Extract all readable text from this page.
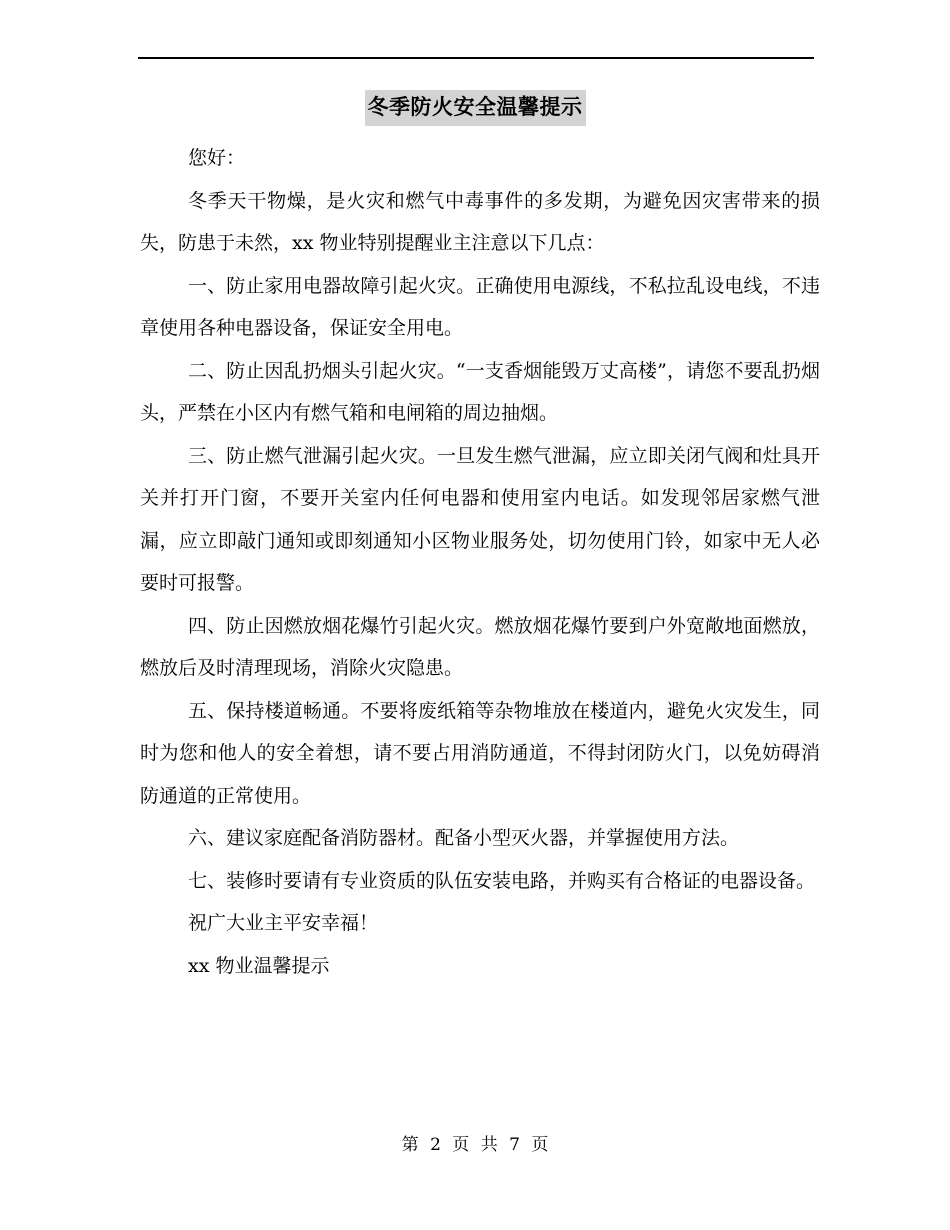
冬季防火安全温馨提示

您好：

冬季天干物燥，是火灾和燃气中毒事件的多发期，为避免因灾害带来的损失，防患于未然，xx 物业特别提醒业主注意以下几点：

一、防止家用电器故障引起火灾。正确使用电源线，不私拉乱设电线，不违章使用各种电器设备，保证安全用电。

二、防止因乱扔烟头引起火灾。“一支香烟能毁万丈高楼”，请您不要乱扔烟头，严禁在小区内有燃气箱和电闸箱的周边抽烟。

三、防止燃气泄漏引起火灾。一旦发生燃气泄漏，应立即关闭气阀和灶具开关并打开门窗，不要开关室内任何电器和使用室内电话。如发现邻居家燃气泄漏，应立即敲门通知或即刻通知小区物业服务处，切勿使用门铃，如家中无人必要时可报警。

四、防止因燃放烟花爆竹引起火灾。燃放烟花爆竹要到户外宽敞地面燃放，燃放后及时清理现场，消除火灾隐患。

五、保持楼道畅通。不要将废纸箱等杂物堆放在楼道内，避免火灾发生，同时为您和他人的安全着想，请不要占用消防通道，不得封闭防火门，以免妨碍消防通道的正常使用。

六、建议家庭配备消防器材。配备小型灭火器，并掌握使用方法。

七、装修时要请有专业资质的队伍安装电路，并购买有合格证的电器设备。

祝广大业主平安幸福！

xx 物业温馨提示

第 2 页 共 7 页
